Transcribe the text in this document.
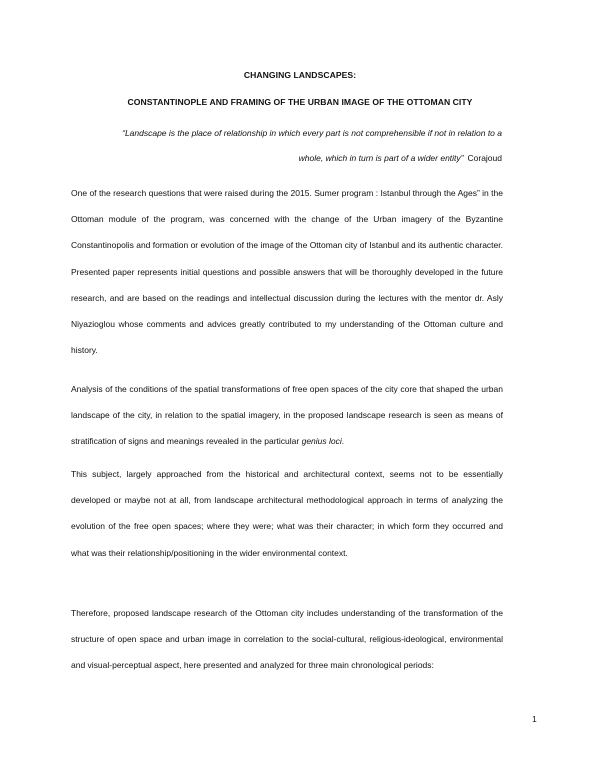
CHANGING LANDSCAPES:
CONSTANTINOPLE AND FRAMING OF THE URBAN IMAGE OF THE OTTOMAN CITY
“Landscape is the place of relationship in which every part is not comprehensible if not in relation to a whole, which in turn is part of a wider entity” Corajoud

One of the research questions that were raised during the 2015. Sumer program : Istanbul through the Ages” in the Ottoman module of the program, was concerned with the change of the Urban imagery of the Byzantine Constantinopolis and formation or evolution of the image of the Ottoman city of Istanbul and its authentic character. Presented paper represents initial questions and possible answers that will be thoroughly developed in the future research, and are based on the readings and intellectual discussion during the lectures with the mentor dr. Asly Niyazioglou whose comments and advices greatly contributed to my understanding of the Ottoman culture and history.

Analysis of the conditions of the spatial transformations of free open spaces of the city core that shaped the urban landscape of the city, in relation to the spatial imagery, in the proposed landscape research is seen as means of stratification of signs and meanings revealed in the particular genius loci.

This subject, largely approached from the historical and architectural context, seems not to be essentially developed or maybe not at all, from landscape architectural methodological approach in terms of analyzing the evolution of the free open spaces; where they were; what was their character; in which form they occurred and what was their relationship/positioning in the wider environmental context.

Therefore, proposed landscape research of the Ottoman city includes understanding of the transformation of the structure of open space and urban image in correlation to the social-cultural, religious-ideological, environmental and visual-perceptual aspect, here presented and analyzed for three main chronological periods:

1
